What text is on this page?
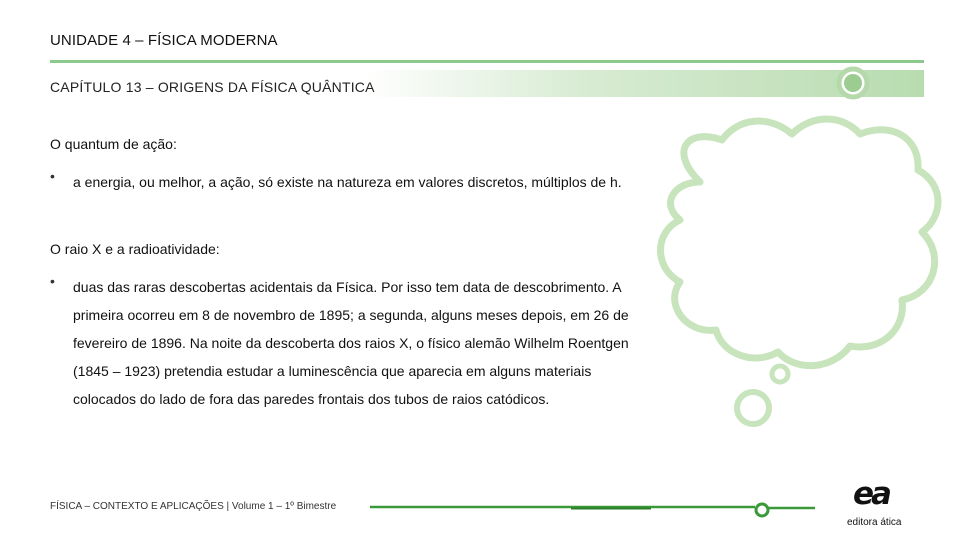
UNIDADE 4 – FÍSICA MODERNA
CAPÍTULO 13 – ORIGENS DA FÍSICA QUÂNTICA
O quantum de ação:
• a energia, ou melhor, a ação, só existe na natureza em valores discretos, múltiplos de h.
O raio X e a radioatividade:
• duas das raras descobertas acidentais da Física. Por isso tem data de descobrimento. A primeira ocorreu em 8 de novembro de 1895; a segunda, alguns meses depois, em 26 de fevereiro de 1896. Na noite da descoberta dos raios X, o físico alemão Wilhelm Roentgen (1845 – 1923) pretendia estudar a luminescência que aparecia em alguns materiais colocados do lado de fora das paredes frontais dos tubos de raios catódicos.
FÍSICA – CONTEXTO E APLICAÇÕES | Volume 1 – 1º Bimestre	ea
editora ática
